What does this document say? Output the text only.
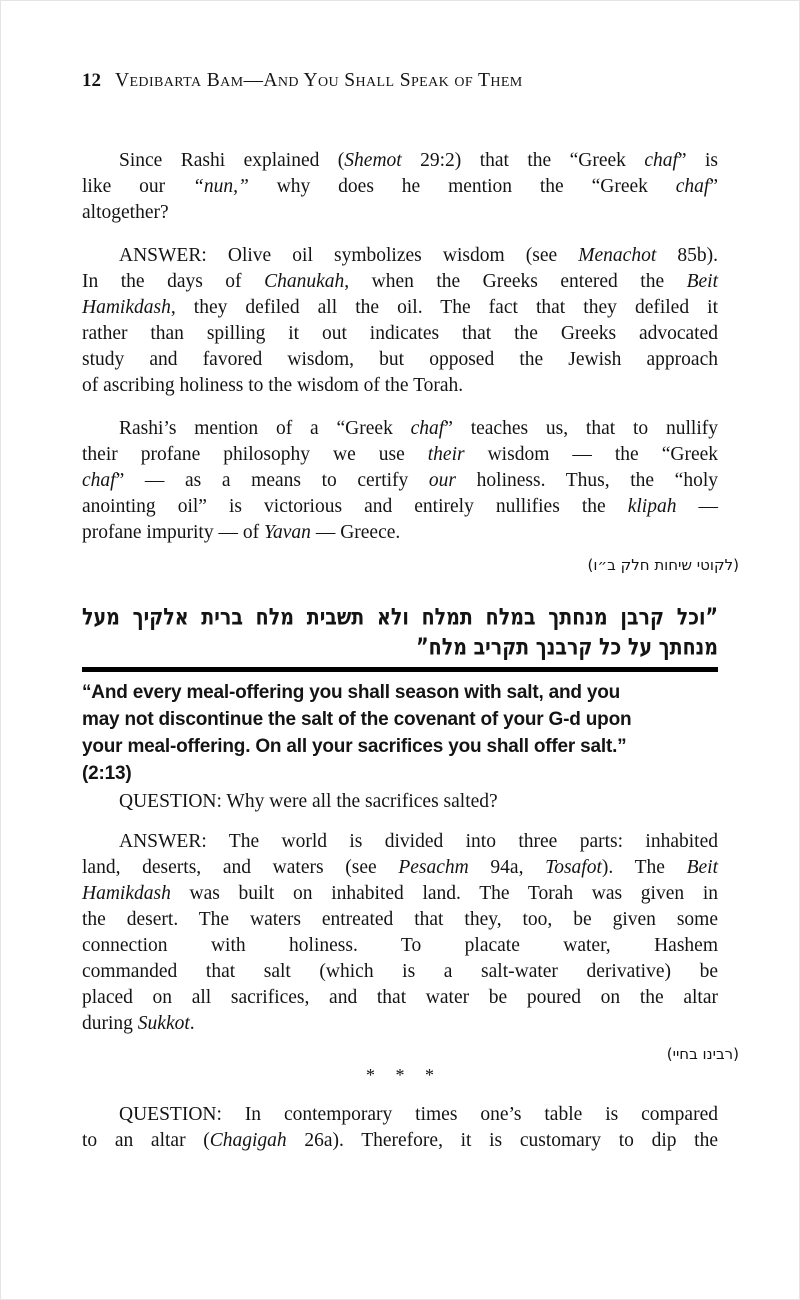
12 Vedibarta Bam—And You Shall Speak of Them
Since Rashi explained (Shemot 29:2) that the “Greek chaf” is
like our “nun,” why does he mention the “Greek chaf”
altogether?
ANSWER: Olive oil symbolizes wisdom (see Menachot 85b).
In the days of Chanukah, when the Greeks entered the Beit
Hamikdash, they defiled all the oil. The fact that they defiled it
rather than spilling it out indicates that the Greeks advocated
study and favored wisdom, but opposed the Jewish approach
of ascribing holiness to the wisdom of the Torah.
Rashi’s mention of a “Greek chaf” teaches us, that to nullify
their profane philosophy we use their wisdom — the “Greek
chaf” — as a means to certify our holiness. Thus, the “holy
anointing oil” is victorious and entirely nullifies the klipah —
profane impurity — of Yavan — Greece.
(לקוטי שיחות חלק ב״ו)
”וכל קרבן מנחתך במלח תמלח ולא תשבית מלח ברית אלקיך מעל
מנחתך על כל קרבנך תקריב מלח”
“And every meal-offering you shall season with salt, and you
may not discontinue the salt of the covenant of your G-d upon
your meal-offering. On all your sacrifices you shall offer salt.”
(2:13)
QUESTION: Why were all the sacrifices salted?
ANSWER: The world is divided into three parts: inhabited
land, deserts, and waters (see Pesachm 94a, Tosafot). The Beit
Hamikdash was built on inhabited land. The Torah was given in
the desert. The waters entreated that they, too, be given some
connection with holiness. To placate water, Hashem
commanded that salt (which is a salt-water derivative) be
placed on all sacrifices, and that water be poured on the altar
during Sukkot.
(רבינו בחיי)
* * *
QUESTION: In contemporary times one’s table is compared
to an altar (Chagigah 26a). Therefore, it is customary to dip the
